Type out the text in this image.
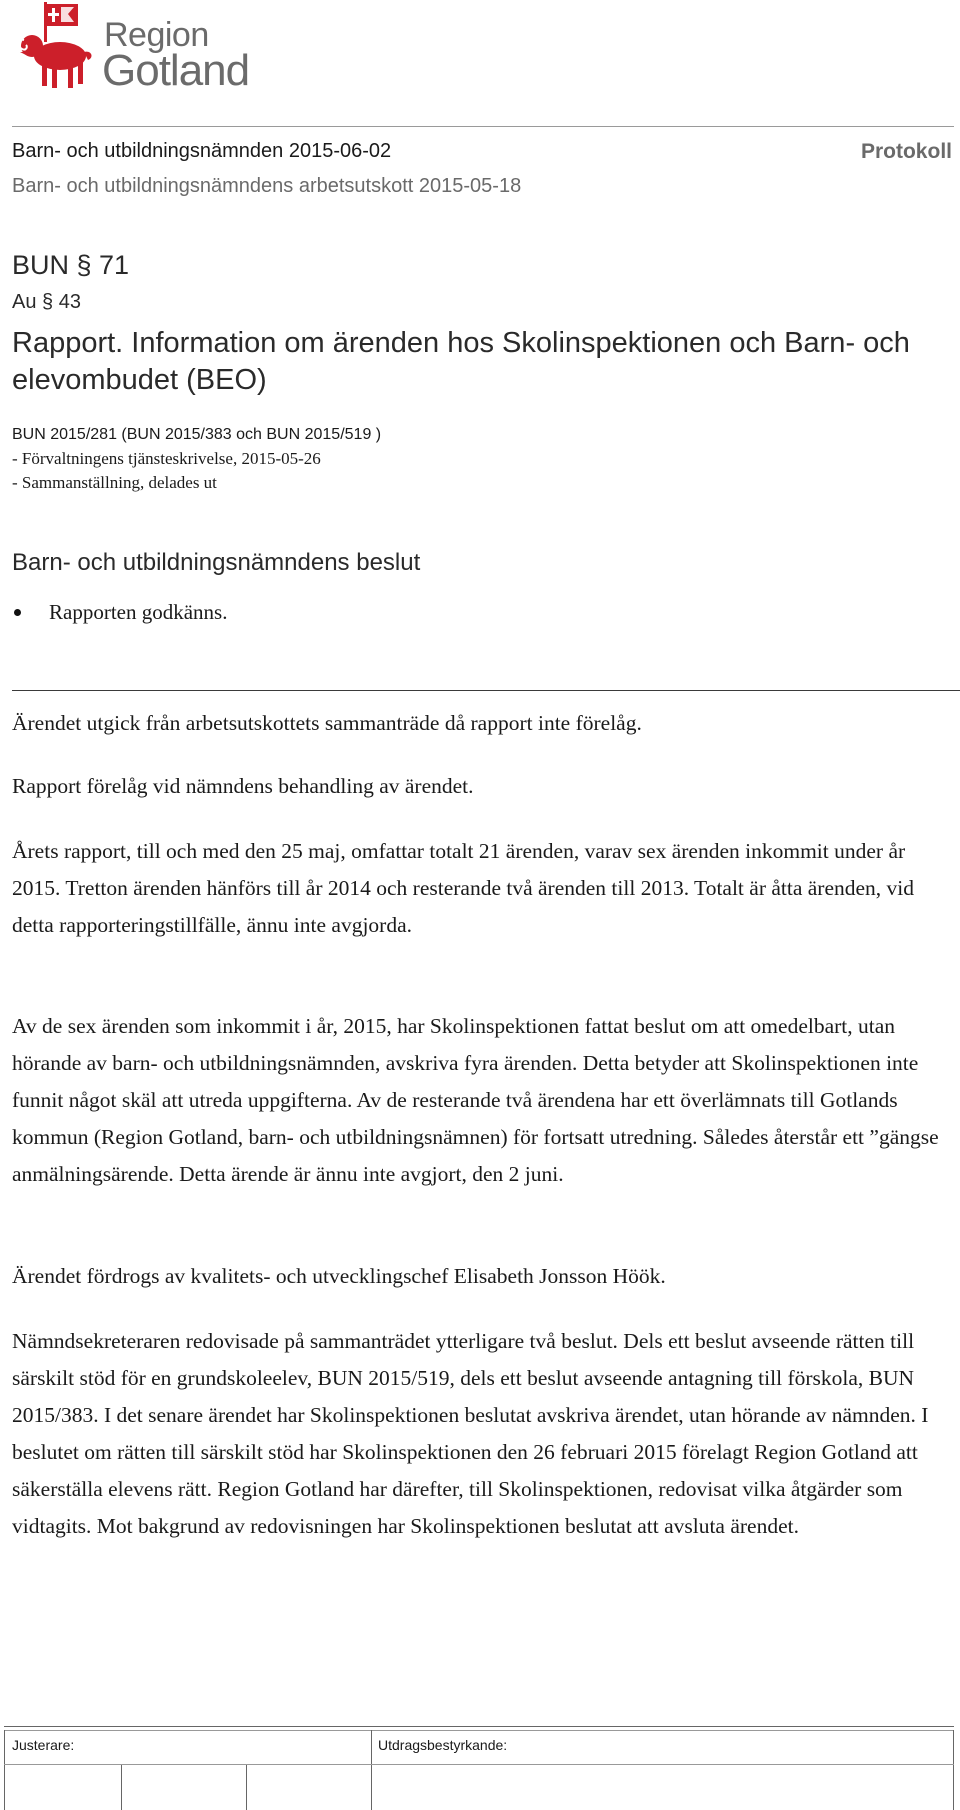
Region
Gotland
Barn- och utbildningsnämnden 2015-06-02	Protokoll
Barn- och utbildningsnämndens arbetsutskott 2015-05-18
BUN § 71
Au § 43
Rapport. Information om ärenden hos Skolinspektionen och Barn- och elevombudet (BEO)
BUN 2015/281 (BUN 2015/383 och BUN 2015/519 )
- Förvaltningens tjänsteskrivelse, 2015-05-26
- Sammanställning, delades ut
Barn- och utbildningsnämndens beslut
Rapporten godkänns.
Ärendet utgick från arbetsutskottets sammanträde då rapport inte förelåg.
Rapport förelåg vid nämndens behandling av ärendet.
Årets rapport, till och med den 25 maj, omfattar totalt 21 ärenden, varav sex ärenden inkommit under år 2015. Tretton ärenden hänförs till år 2014 och resterande två ärenden till 2013. Totalt är åtta ärenden, vid detta rapporteringstillfälle, ännu inte avgjorda.
Av de sex ärenden som inkommit i år, 2015, har Skolinspektionen fattat beslut om att omedelbart, utan hörande av barn- och utbildningsnämnden, avskriva fyra ärenden. Detta betyder att Skolinspektionen inte funnit något skäl att utreda uppgifterna. Av de resterande två ärendena har ett överlämnats till Gotlands kommun (Region Gotland, barn- och utbildningsnämnen) för fortsatt utredning. Således återstår ett ”gängse anmälningsärende. Detta ärende är ännu inte avgjort, den 2 juni.
Ärendet fördrogs av kvalitets- och utvecklingschef Elisabeth Jonsson Höök.
Nämndsekreteraren redovisade på sammanträdet ytterligare två beslut. Dels ett beslut avseende rätten till särskilt stöd för en grundskoleelev, BUN 2015/519, dels ett beslut avseende antagning till förskola, BUN 2015/383. I det senare ärendet har Skolinspektionen beslutat avskriva ärendet, utan hörande av nämnden. I beslutet om rätten till särskilt stöd har Skolinspektionen den 26 februari 2015 förelagt Region Gotland att säkerställa elevens rätt. Region Gotland har därefter, till Skolinspektionen, redovisat vilka åtgärder som vidtagits. Mot bakgrund av redovisningen har Skolinspektionen beslutat att avsluta ärendet.
Justerare:	Utdragsbestyrkande:
